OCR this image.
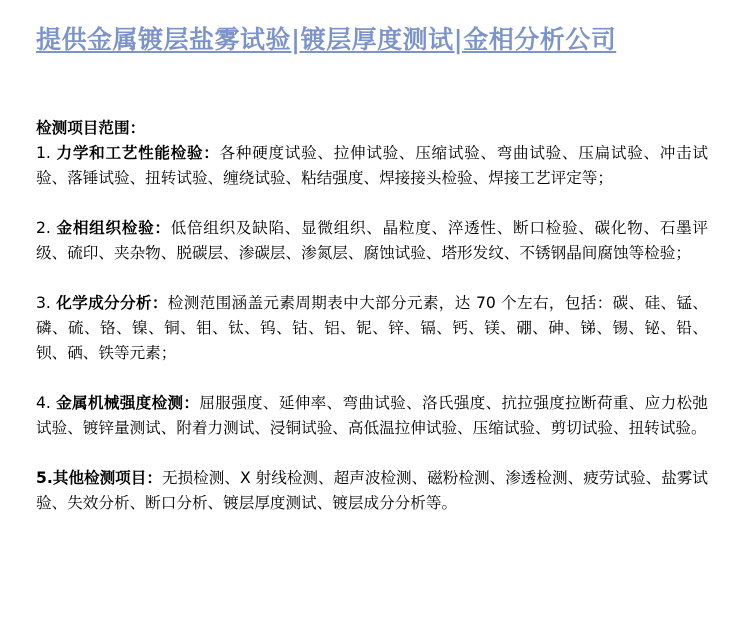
提供金属镀层盐雾试验|镀层厚度测试|金相分析公司

检测项目范围：

1. 力学和工艺性能检验：各种硬度试验、拉伸试验、压缩试验、弯曲试验、压扁试验、冲击试验、落锤试验、扭转试验、缠绕试验、粘结强度、焊接接头检验、焊接工艺评定等；

2. 金相组织检验：低倍组织及缺陷、显微组织、晶粒度、淬透性、断口检验、碳化物、石墨评级、硫印、夹杂物、脱碳层、渗碳层、渗氮层、腐蚀试验、塔形发纹、不锈钢晶间腐蚀等检验；

3. 化学成分分析：检测范围涵盖元素周期表中大部分元素，达 70 个左右，包括：碳、硅、锰、磷、硫、铬、镍、铜、钼、钛、钨、钴、铝、铌、锌、镉、钙、镁、硼、砷、锑、锡、铋、铅、钡、硒、铁等元素；

4. 金属机械强度检测：屈服强度、延伸率、弯曲试验、洛氏强度、抗拉强度拉断荷重、应力松弛试验、镀锌量测试、附着力测试、浸铜试验、高低温拉伸试验、压缩试验、剪切试验、扭转试验。

5.其他检测项目：无损检测、X 射线检测、超声波检测、磁粉检测、渗透检测、疲劳试验、盐雾试验、失效分析、断口分析、镀层厚度测试、镀层成分分析等。
